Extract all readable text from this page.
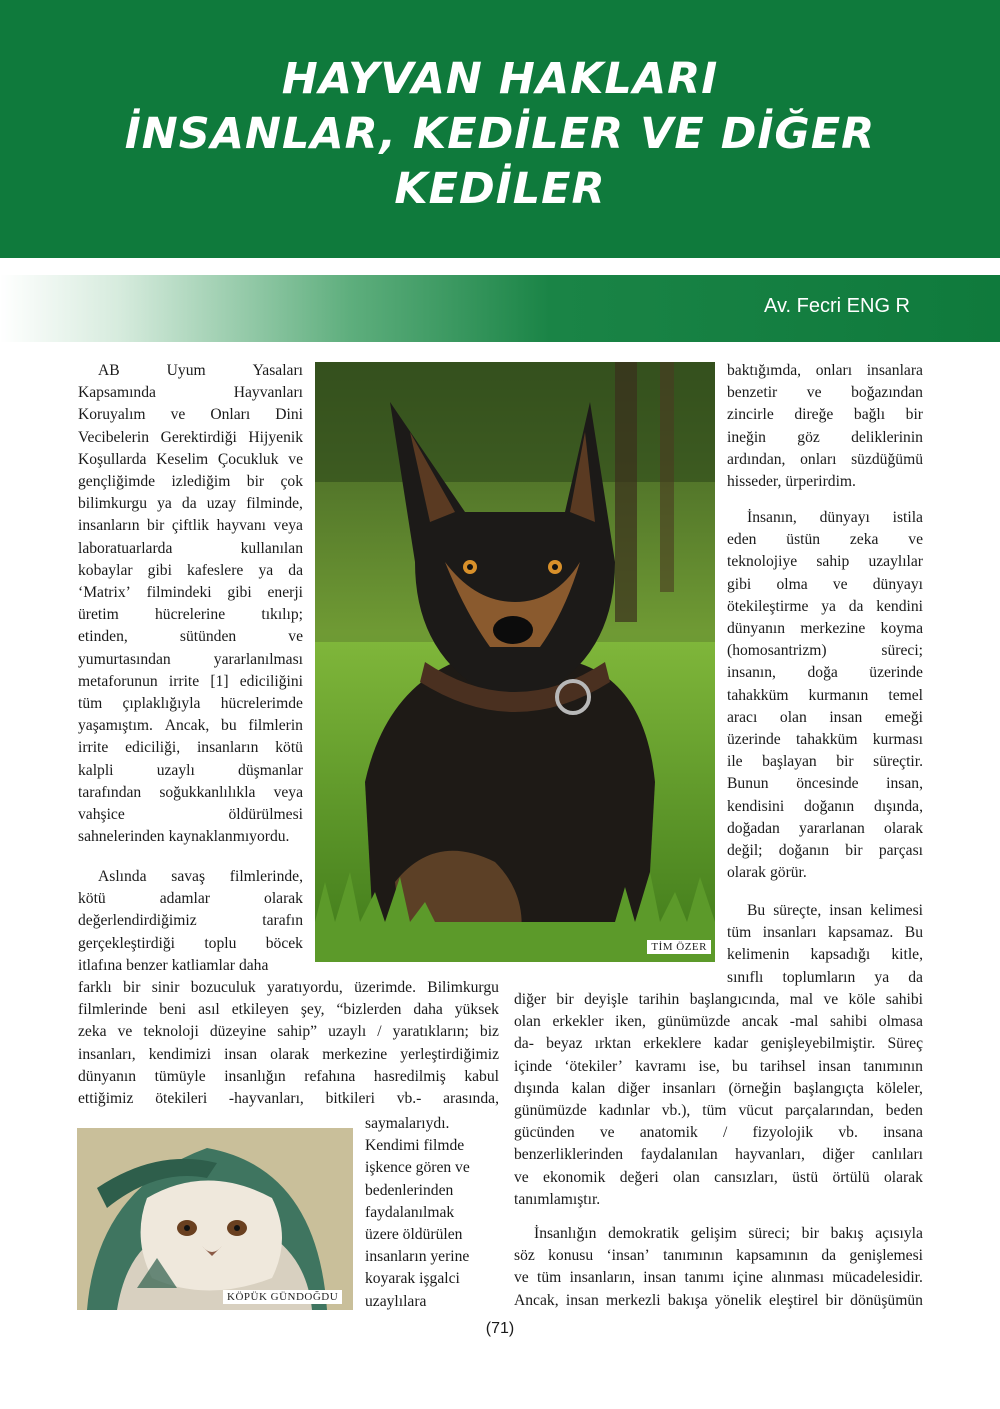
HAYVAN HAKLARI
İNSANLAR, KEDİLER VE DİĞER
KEDİLER
Av. Fecri ENG R
TİM ÖZER
KÖPÜK GÜNDOĞDU
AB	Uyum	Yasaları
Kapsamında	Hayvanları
Koruyalım ve Onları Dini
Vecibelerin Gerektirdiği Hijyenik
Koşullarda Keselim Çocukluk ve
gençliğimde izlediğim bir çok
bilimkurgu ya da uzay filminde,
insanların bir çiftlik hayvanı veya
laboratuarlarda	kullanılan
kobaylar gibi kafeslere ya da
‘Matrix’ filmindeki gibi enerji
üretim hücrelerine tıkılıp;
etinden,	sütünden	ve
yumurtasından	yararlanılması
metaforunun irrite [1] ediciliğini
tüm çıplaklığıyla hücrelerimde
yaşamıştım. Ancak, bu filmlerin
irrite ediciliği, insanların kötü
kalpli	uzaylı	düşmanlar
tarafından soğukkanlılıkla veya
vahşice	öldürülmesi
sahnelerinden kaynaklanmıyordu.
Aslında savaş filmlerinde,
kötü	adamlar	olarak
değerlendirdiğimiz	tarafın
gerçekleştirdiği toplu böcek
itlafına benzer katliamlar daha
farklı bir sinir bozuculuk yaratıyordu, üzerimde. Bilimkurgu
filmlerinde beni asıl etkileyen şey, “bizlerden daha yüksek
zeka ve teknoloji düzeyine sahip” uzaylı / yaratıkların; biz
insanları, kendimizi insan olarak merkezine yerleştirdiğimiz
dünyanın tümüyle insanlığın refahına hasredilmiş kabul
ettiğimiz ötekileri -hayvanları, bitkileri vb.- arasında,
saymalarıydı.
Kendimi filmde
işkence gören ve
bedenlerinden
faydalanılmak
üzere öldürülen
insanların yerine
koyarak işgalci
uzaylılara
baktığımda, onları insanlara
benzetir ve boğazından
zincirle direğe bağlı bir
ineğin göz deliklerinin
ardından, onları süzdüğümü
hisseder, ürperirdim.
İnsanın, dünyayı istila
eden üstün zeka ve
teknolojiye sahip uzaylılar
gibi olma ve dünyayı
ötekileştirme ya da kendini
dünyanın merkezine koyma
(homosantrizm)	süreci;
insanın, doğa üzerinde
tahakküm kurmanın temel
aracı olan insan emeği
üzerinde tahakküm kurması
ile başlayan bir süreçtir.
Bunun öncesinde insan,
kendisini doğanın dışında,
doğadan yararlanan olarak
değil; doğanın bir parçası
olarak görür.
Bu süreçte, insan kelimesi
tüm insanları kapsamaz. Bu
kelimenin kapsadığı kitle,
sınıflı toplumların ya da
diğer bir deyişle tarihin başlangıcında, mal ve köle sahibi
olan erkekler iken, günümüzde ancak -mal sahibi olmasa
da- beyaz ırktan erkeklere kadar genişleyebilmiştir. Süreç
içinde ‘ötekiler’ kavramı ise, bu tarihsel insan tanımının
dışında kalan diğer insanları (örneğin başlangıçta köleler,
günümüzde kadınlar vb.), tüm vücut parçalarından, beden
gücünden ve anatomik / fizyolojik vb. insana
benzerliklerinden faydalanılan hayvanları, diğer canlıları
ve ekonomik değeri olan cansızları, üstü örtülü olarak
tanımlamıştır.
İnsanlığın demokratik gelişim süreci; bir bakış açısıyla
söz konusu ‘insan’ tanımının kapsamının da genişlemesi
ve tüm insanların, insan tanımı içine alınması mücadelesidir.
Ancak, insan merkezli bakışa yönelik eleştirel bir dönüşümün
(71)
